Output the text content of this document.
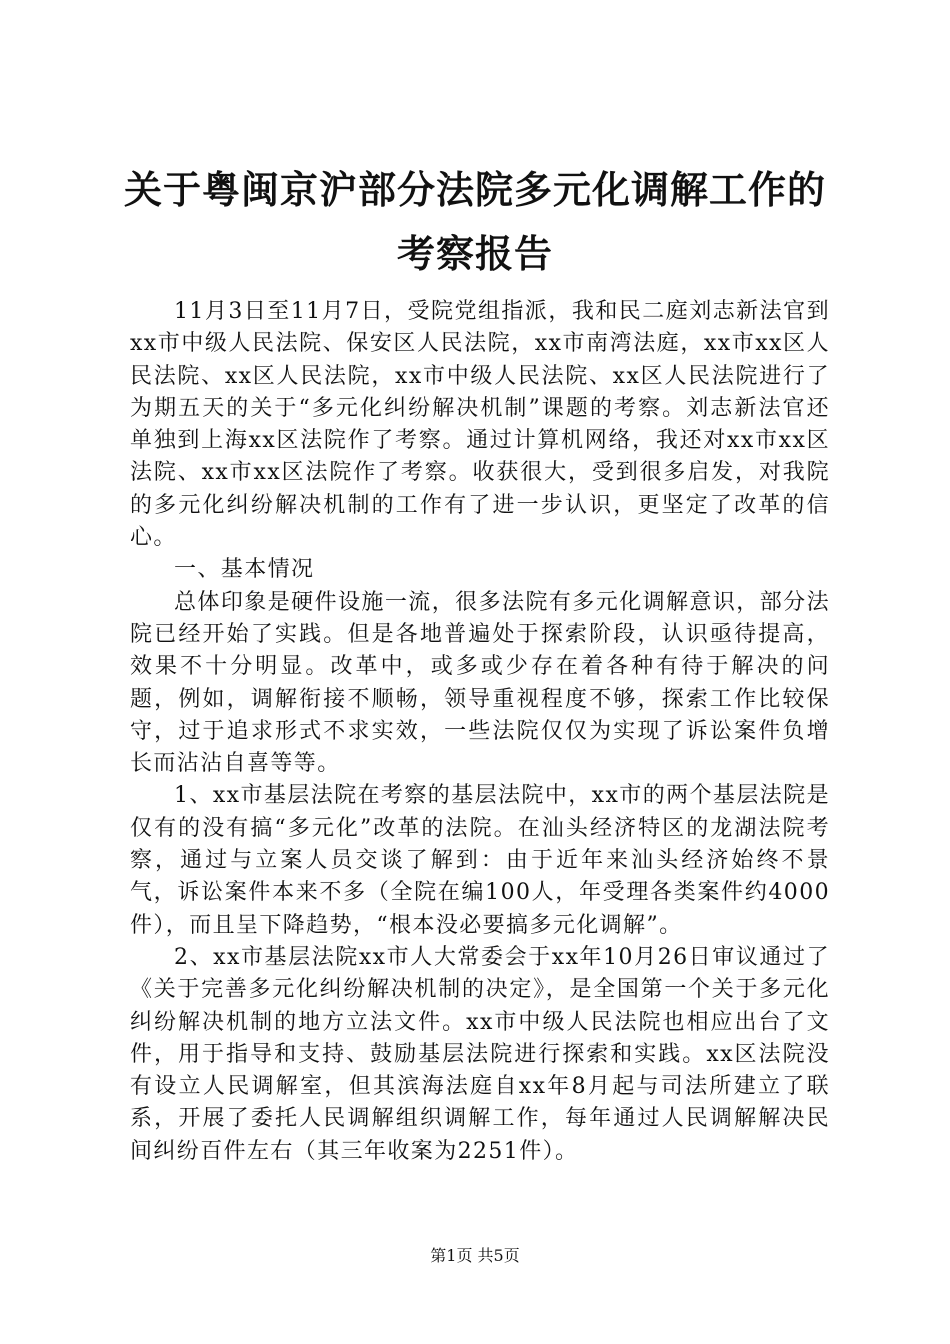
关于粤闽京沪部分法院多元化调解工作的考察报告

11月3日至11月7日，受院党组指派，我和民二庭刘志新法官到xx市中级人民法院、保安区人民法院，xx市南湾法庭，xx市xx区人民法院、xx区人民法院，xx市中级人民法院、xx区人民法院进行了为期五天的关于“多元化纠纷解决机制”课题的考察。刘志新法官还单独到上海xx区法院作了考察。通过计算机网络，我还对xx市xx区法院、xx市xx区法院作了考察。收获很大，受到很多启发，对我院的多元化纠纷解决机制的工作有了进一步认识，更坚定了改革的信心。

一、基本情况

总体印象是硬件设施一流，很多法院有多元化调解意识，部分法院已经开始了实践。但是各地普遍处于探索阶段，认识亟待提高，效果不十分明显。改革中，或多或少存在着各种有待于解决的问题，例如，调解衔接不顺畅，领导重视程度不够，探索工作比较保守，过于追求形式不求实效，一些法院仅仅为实现了诉讼案件负增长而沾沾自喜等等。

1、xx市基层法院在考察的基层法院中，xx市的两个基层法院是仅有的没有搞“多元化”改革的法院。在汕头经济特区的龙湖法院考察，通过与立案人员交谈了解到：由于近年来汕头经济始终不景气，诉讼案件本来不多（全院在编100人，年受理各类案件约4000件），而且呈下降趋势，“根本没必要搞多元化调解”。

2、xx市基层法院xx市人大常委会于xx年10月26日审议通过了《关于完善多元化纠纷解决机制的决定》，是全国第一个关于多元化纠纷解决机制的地方立法文件。xx市中级人民法院也相应出台了文件，用于指导和支持、鼓励基层法院进行探索和实践。xx区法院没有设立人民调解室，但其滨海法庭自xx年8月起与司法所建立了联系，开展了委托人民调解组织调解工作，每年通过人民调解解决民间纠纷百件左右（其三年收案为2251件）。

第1页 共5页
